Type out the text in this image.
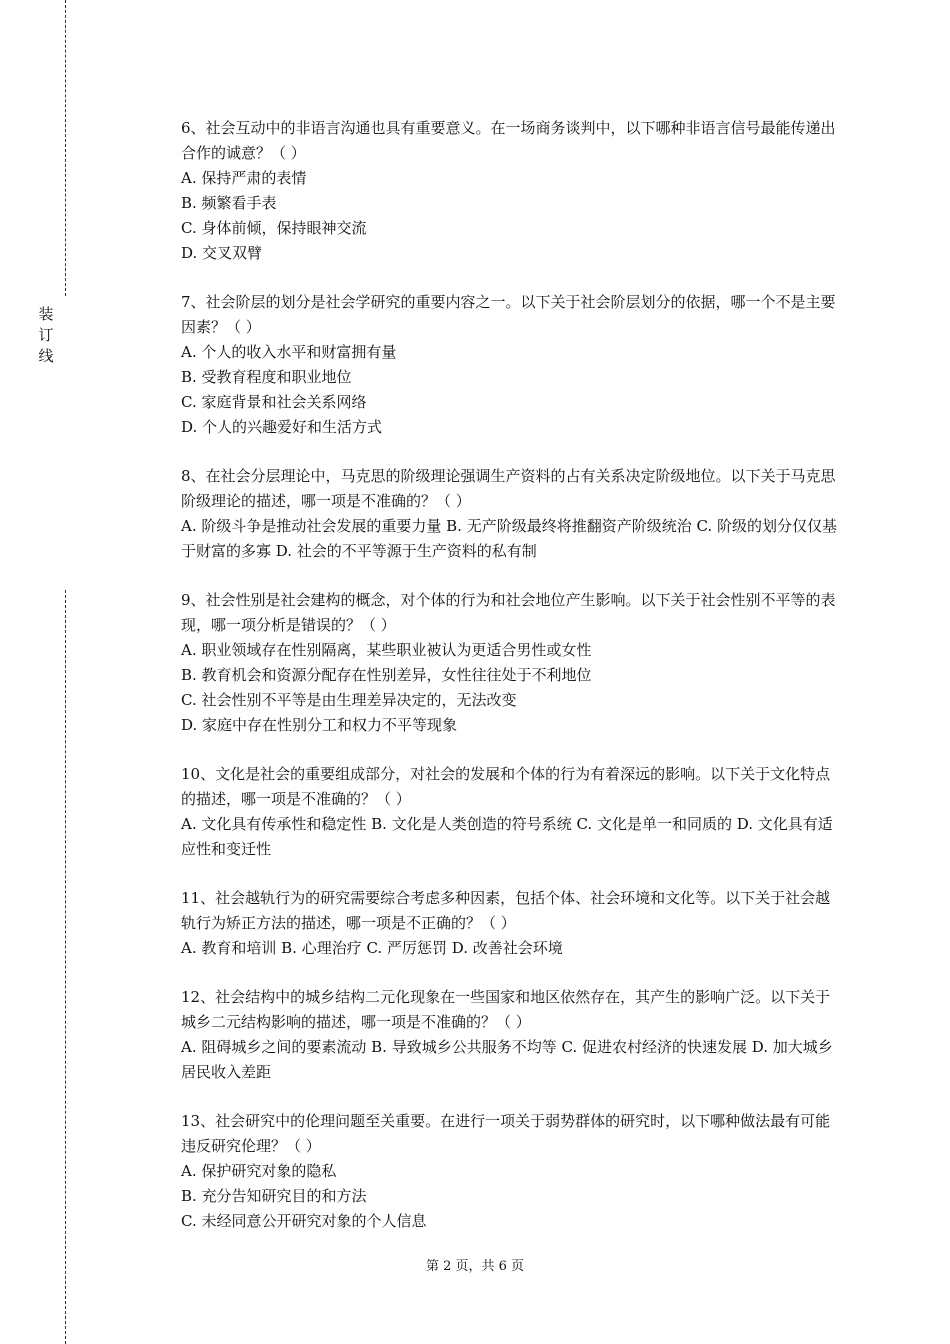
装
订
线

6、社会互动中的非语言沟通也具有重要意义。在一场商务谈判中，以下哪种非语言信号最能传递出合作的诚意？（ ）

A. 保持严肃的表情
B. 频繁看手表
C. 身体前倾，保持眼神交流
D. 交叉双臂

7、社会阶层的划分是社会学研究的重要内容之一。以下关于社会阶层划分的依据，哪一个不是主要因素？（ ）

A. 个人的收入水平和财富拥有量
B. 受教育程度和职业地位
C. 家庭背景和社会关系网络
D. 个人的兴趣爱好和生活方式

8、在社会分层理论中，马克思的阶级理论强调生产资料的占有关系决定阶级地位。以下关于马克思阶级理论的描述，哪一项是不准确的？（ ）

A. 阶级斗争是推动社会发展的重要力量 B. 无产阶级最终将推翻资产阶级统治 C. 阶级的划分仅仅基于财富的多寡 D. 社会的不平等源于生产资料的私有制

9、社会性别是社会建构的概念，对个体的行为和社会地位产生影响。以下关于社会性别不平等的表现，哪一项分析是错误的？（ ）

A. 职业领域存在性别隔离，某些职业被认为更适合男性或女性
B. 教育机会和资源分配存在性别差异，女性往往处于不利地位
C. 社会性别不平等是由生理差异决定的，无法改变
D. 家庭中存在性别分工和权力不平等现象

10、文化是社会的重要组成部分，对社会的发展和个体的行为有着深远的影响。以下关于文化特点的描述，哪一项是不准确的？（ ）

A. 文化具有传承性和稳定性 B. 文化是人类创造的符号系统 C. 文化是单一和同质的 D. 文化具有适应性和变迁性

11、社会越轨行为的研究需要综合考虑多种因素，包括个体、社会环境和文化等。以下关于社会越轨行为矫正方法的描述，哪一项是不正确的？（ ）

A. 教育和培训 B. 心理治疗 C. 严厉惩罚 D. 改善社会环境

12、社会结构中的城乡结构二元化现象在一些国家和地区依然存在，其产生的影响广泛。以下关于城乡二元结构影响的描述，哪一项是不准确的？（ ）

A. 阻碍城乡之间的要素流动 B. 导致城乡公共服务不均等 C. 促进农村经济的快速发展 D. 加大城乡居民收入差距

13、社会研究中的伦理问题至关重要。在进行一项关于弱势群体的研究时，以下哪种做法最有可能违反研究伦理？（ ）

A. 保护研究对象的隐私
B. 充分告知研究目的和方法
C. 未经同意公开研究对象的个人信息
第 2 页，共 6 页
